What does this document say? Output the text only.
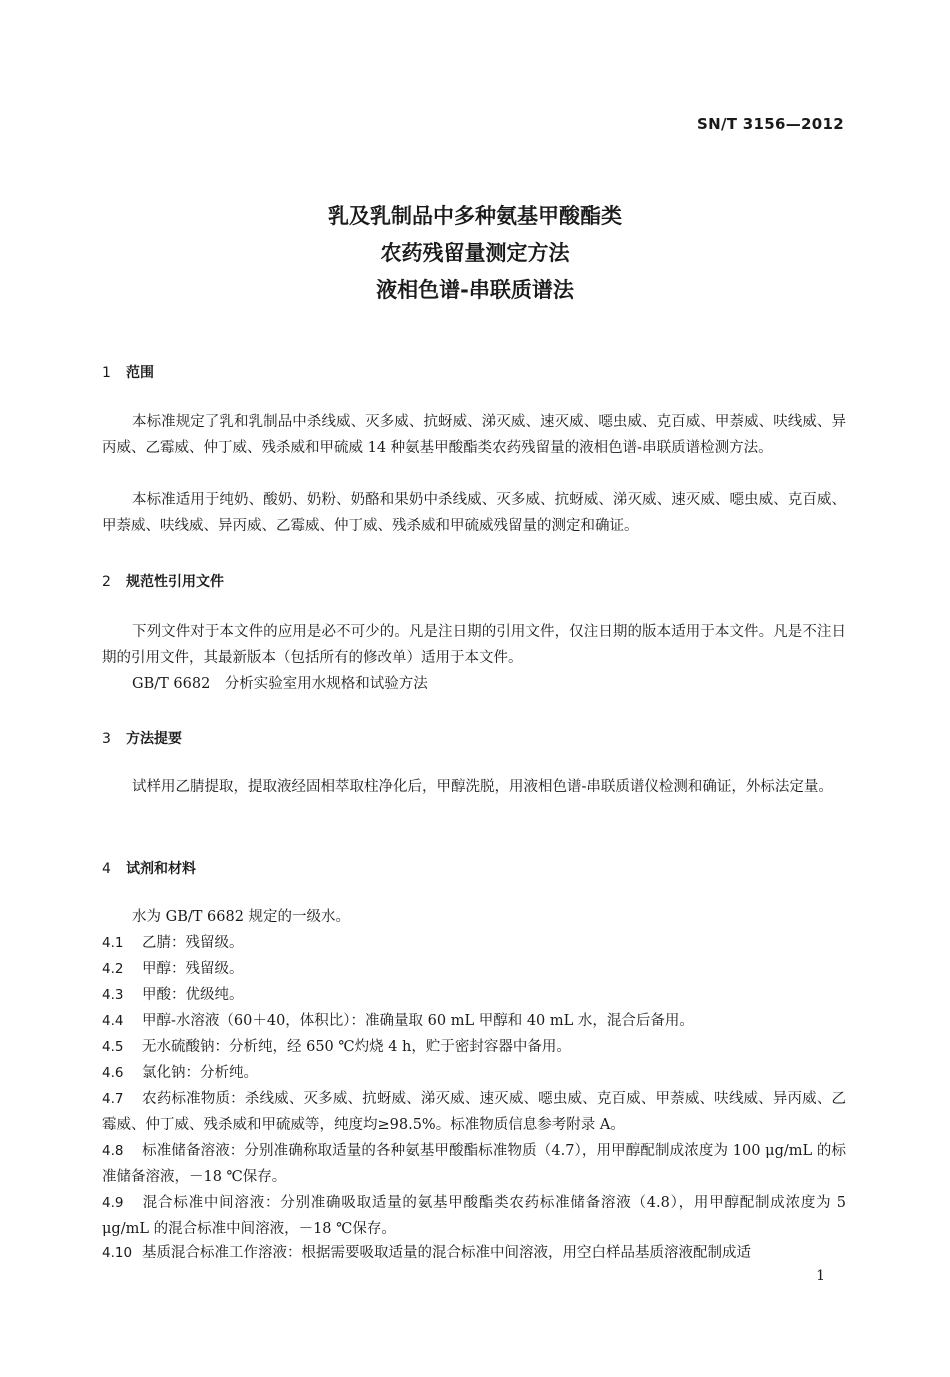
SN/T 3156—2012
乳及乳制品中多种氨基甲酸酯类
农药残留量测定方法
液相色谱-串联质谱法
1 范围

本标准规定了乳和乳制品中杀线威、灭多威、抗蚜威、涕灭威、速灭威、噁虫威、克百威、甲萘威、呋线威、异丙威、乙霉威、仲丁威、残杀威和甲硫威 14 种氨基甲酸酯类农药残留量的液相色谱-串联质谱检测方法。

本标准适用于纯奶、酸奶、奶粉、奶酪和果奶中杀线威、灭多威、抗蚜威、涕灭威、速灭威、噁虫威、克百威、甲萘威、呋线威、异丙威、乙霉威、仲丁威、残杀威和甲硫威残留量的测定和确证。

2 规范性引用文件

下列文件对于本文件的应用是必不可少的。凡是注日期的引用文件，仅注日期的版本适用于本文件。凡是不注日期的引用文件，其最新版本（包括所有的修改单）适用于本文件。

GB/T 6682　分析实验室用水规格和试验方法

3 方法提要

试样用乙腈提取，提取液经固相萃取柱净化后，甲醇洗脱，用液相色谱-串联质谱仪检测和确证，外标法定量。

4 试剂和材料

水为 GB/T 6682 规定的一级水。

4.1 乙腈：残留级。

4.2 甲醇：残留级。

4.3 甲酸：优级纯。

4.4 甲醇-水溶液（60＋40，体积比）：准确量取 60 mL 甲醇和 40 mL 水，混合后备用。

4.5 无水硫酸钠：分析纯，经 650 ℃灼烧 4 h，贮于密封容器中备用。

4.6 氯化钠：分析纯。

4.7 农药标准物质：杀线威、灭多威、抗蚜威、涕灭威、速灭威、噁虫威、克百威、甲萘威、呋线威、异丙威、乙霉威、仲丁威、残杀威和甲硫威等，纯度均≥98.5%。标准物质信息参考附录 A。

4.8 标准储备溶液：分别准确称取适量的各种氨基甲酸酯标准物质（4.7），用甲醇配制成浓度为 100 μg/mL 的标准储备溶液，－18 ℃保存。

4.9 混合标准中间溶液：分别准确吸取适量的氨基甲酸酯类农药标准储备溶液（4.8），用甲醇配制成浓度为 5 μg/mL 的混合标准中间溶液，－18 ℃保存。

4.10 基质混合标准工作溶液：根据需要吸取适量的混合标准中间溶液，用空白样品基质溶液配制成适

1
